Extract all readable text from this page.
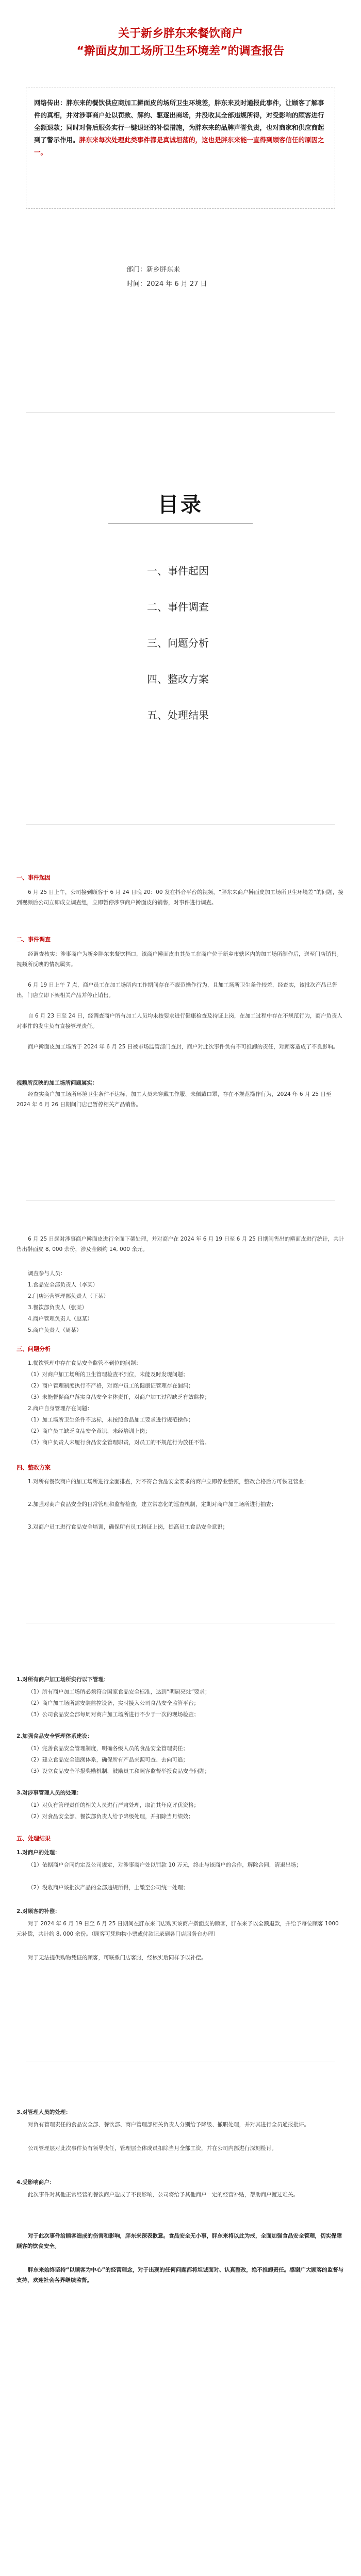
关于新乡胖东来餐饮商户
“擀面皮加工场所卫生环境差”的调查报告
网络传出：胖东来的餐饮供应商加工擀面皮的场所卫生环境差，胖东来及时通报此事件，让顾客了解事件的真相，并对涉事商户处以罚款、解约、驱逐出商场，并没收其全部违规所得，对受影响的顾客进行全额退款；同时对售后服务实行一键退还的补偿措施，为胖东来的品牌声誉负责，也对商家和供应商起到了警示作用。胖东来每次处理此类事件都是真诚坦荡的，这也是胖东来能一直得到顾客信任的原因之一。
部门：新乡胖东来
时间：2024 年 6 月 27 日
目录
一、事件起因
二、事件调查
三、问题分析
四、整改方案
五、处理结果
一、事件起因
6 月 25 日上午，公司接到顾客于 6 月 24 日晚 20：00 发在抖音平台的视频，“胖东来商户擀面皮加工场所卫生环境差”的问题，接到视频后公司立即成立调查组，立即暂停涉事商户擀面皮的销售，对事件进行调查。
二、事件调查
经调查核实：涉事商户为新乡胖东来餐饮档口，该商户擀面皮由其员工在商户位于新乡市辖区内的加工场所制作后，送至门店销售。视频所反映的情况属实。
6 月 19 日上午 7 点，商户员工在加工场所内工作期间存在不规范操作行为，且加工场所卫生条件较差，经查实，该批次产品已售出，门店立即下架相关产品并停止销售。
自 6 月 23 日至 24 日，经调查商户所有加工人员均未按要求进行健康检查及持证上岗，在加工过程中存在不规范行为，商户负责人对事件的发生负有直接管理责任。
商户擀面皮加工场所于 2024 年 6 月 25 日被市场监管部门查封，商户对此次事件负有不可推卸的责任，对顾客造成了不良影响。
视频所反映的加工场所问题属实：
经查实商户加工场所环境卫生条件不达标，加工人员未穿戴工作服、未佩戴口罩，存在不规范操作行为，2024 年 6 月 25 日至 2024 年 6 月 26 日期间门店已暂停相关产品销售。
6 月 25 日起对涉事商户擀面皮进行全面下架处理，并对商户在 2024 年 6 月 19 日至 6 月 25 日期间售出的擀面皮进行统计，共计售出擀面皮 8, 000 余份，涉及金额约 14, 000 余元。
调查参与人员：
1.食品安全部负责人（李某）
2.门店运营管理部负责人（王某）
3.餐饮部负责人（张某）
4.商户管理负责人（赵某）
5.商户负责人（周某）
三、问题分析
1.餐饮管理中存在食品安全监管不到位的问题：
（1）对商户加工场所的卫生管理检查不到位，未能及时发现问题；
（2）商户管理制度执行不严格，对商户员工的健康证管理存在漏洞；
（3）未能督促商户落实食品安全主体责任，对商户加工过程缺乏有效监控；
2.商户自身管理存在问题：
（1）加工场所卫生条件不达标，未按照食品加工要求进行规范操作；
（2）商户员工缺乏食品安全意识，未经培训上岗；
（3）商户负责人未履行食品安全管理职责，对员工的不规范行为放任不管。
四、整改方案
1.对所有餐饮商户的加工场所进行全面排查，对不符合食品安全要求的商户立即停业整顿，整改合格后方可恢复营业；
2.加强对商户食品安全的日常管理和监督检查，建立常态化的巡查机制，定期对商户加工场所进行抽查；
3.对商户员工进行食品安全培训，确保所有员工持证上岗，提高员工食品安全意识；
1.对所有商户加工场所实行以下管理：
（1）所有商户加工场所必须符合国家食品安全标准，达到“明厨亮灶”要求；
（2）商户加工场所需安装监控设备，实时接入公司食品安全监管平台；
（3）公司食品安全部每周对商户加工场所进行不少于一次的现场检查；
2.加强食品安全管理体系建设：
（1）完善食品安全管理制度，明确各级人员的食品安全管理责任；
（2）建立食品安全追溯体系，确保所有产品来源可查、去向可追；
（3）设立食品安全举报奖励机制，鼓励员工和顾客监督举报食品安全问题；
3.对涉事管理人员的处理：
（1）对负有管理责任的相关人员进行严肃处理，取消其年度评优资格；
（2）对食品安全部、餐饮部负责人给予降级处理，并扣除当月绩效；
五、处理结果
1.对商户的处理：
（1）依据商户合同约定及公司规定，对涉事商户处以罚款 10 万元，终止与该商户的合作，解除合同，清退出场；
（2）没收商户该批次产品的全部违规所得，上缴至公司统一处理；
2.对顾客的补偿：
对于 2024 年 6 月 19 日至 6 月 25 日期间在胖东来门店购买该商户擀面皮的顾客，胖东来予以全额退款，并给予每位顾客 1000 元补偿，共计约 8, 000 余份。（顾客可凭购物小票或付款记录到各门店服务台办理）
对于无法提供购物凭证的顾客，可联系门店客服，经核实后同样予以补偿。
3.对管理人员的处理：
对负有管理责任的食品安全部、餐饮部、商户管理部相关负责人分别给予降级、撤职处理，并对其进行全员通报批评。
公司管理层对此次事件负有领导责任，管理层全体成员扣除当月全部工资，并在公司内部进行深刻检讨。
4.受影响商户：
此次事件对其他正常经营的餐饮商户造成了不良影响，公司将给予其他商户一定的经营补贴，帮助商户渡过难关。
对于此次事件给顾客造成的伤害和影响，胖东来深表歉意。食品安全无小事，胖东来将以此为戒，全面加强食品安全管理，切实保障顾客的饮食安全。
胖东来始终坚持“以顾客为中心”的经营理念，对于出现的任何问题都将坦诚面对、认真整改，绝不推卸责任。感谢广大顾客的监督与支持，欢迎社会各界继续监督。
